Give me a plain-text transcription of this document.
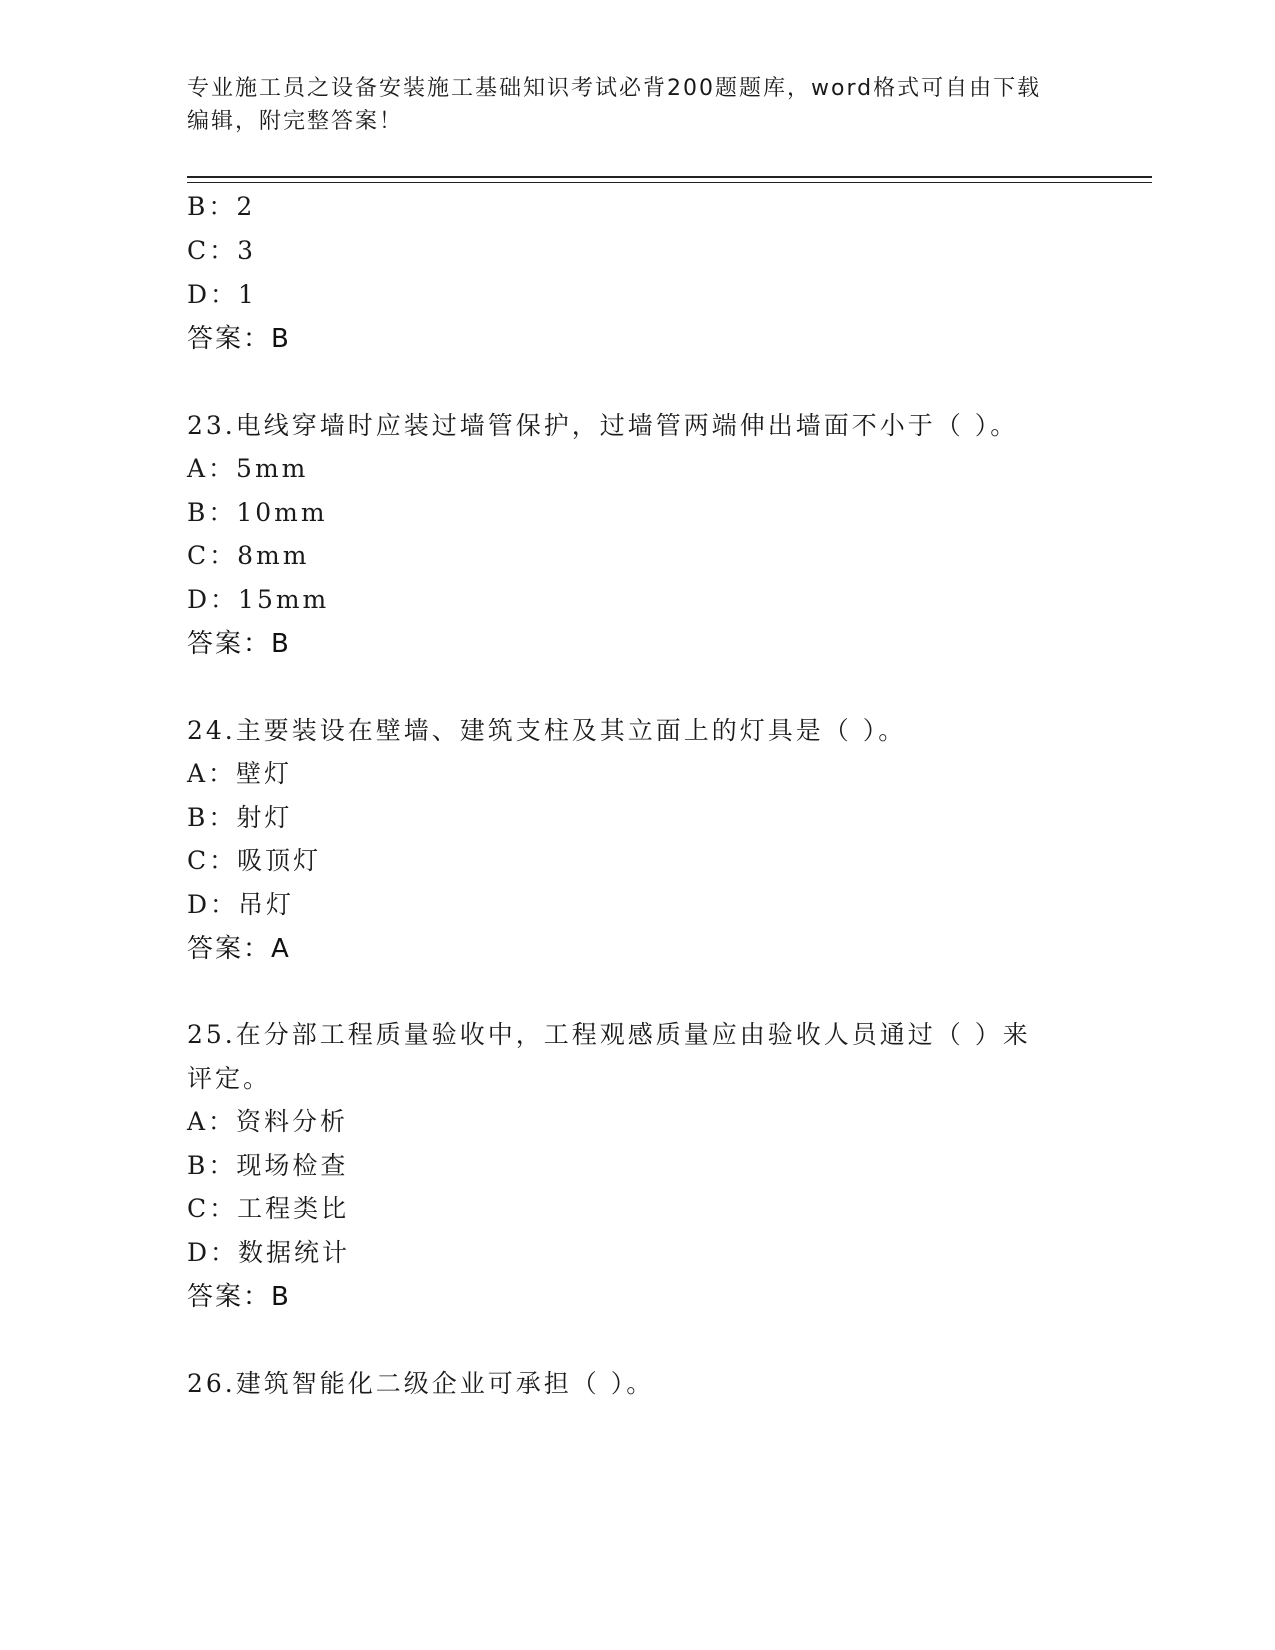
专业施工员之设备安装施工基础知识考试必背200题题库，word格式可自由下载
编辑，附完整答案！
B：2
C：3
D：1
答案：B
23.电线穿墙时应装过墙管保护，过墙管两端伸出墙面不小于（ ）。
A：5mm
B：10mm
C：8mm
D：15mm
答案：B
24.主要装设在壁墙、建筑支柱及其立面上的灯具是（ ）。
A：壁灯
B：射灯
C：吸顶灯
D：吊灯
答案：A
25.在分部工程质量验收中，工程观感质量应由验收人员通过（ ）来
评定。
A：资料分析
B：现场检查
C：工程类比
D：数据统计
答案：B
26.建筑智能化二级企业可承担（ ）。
